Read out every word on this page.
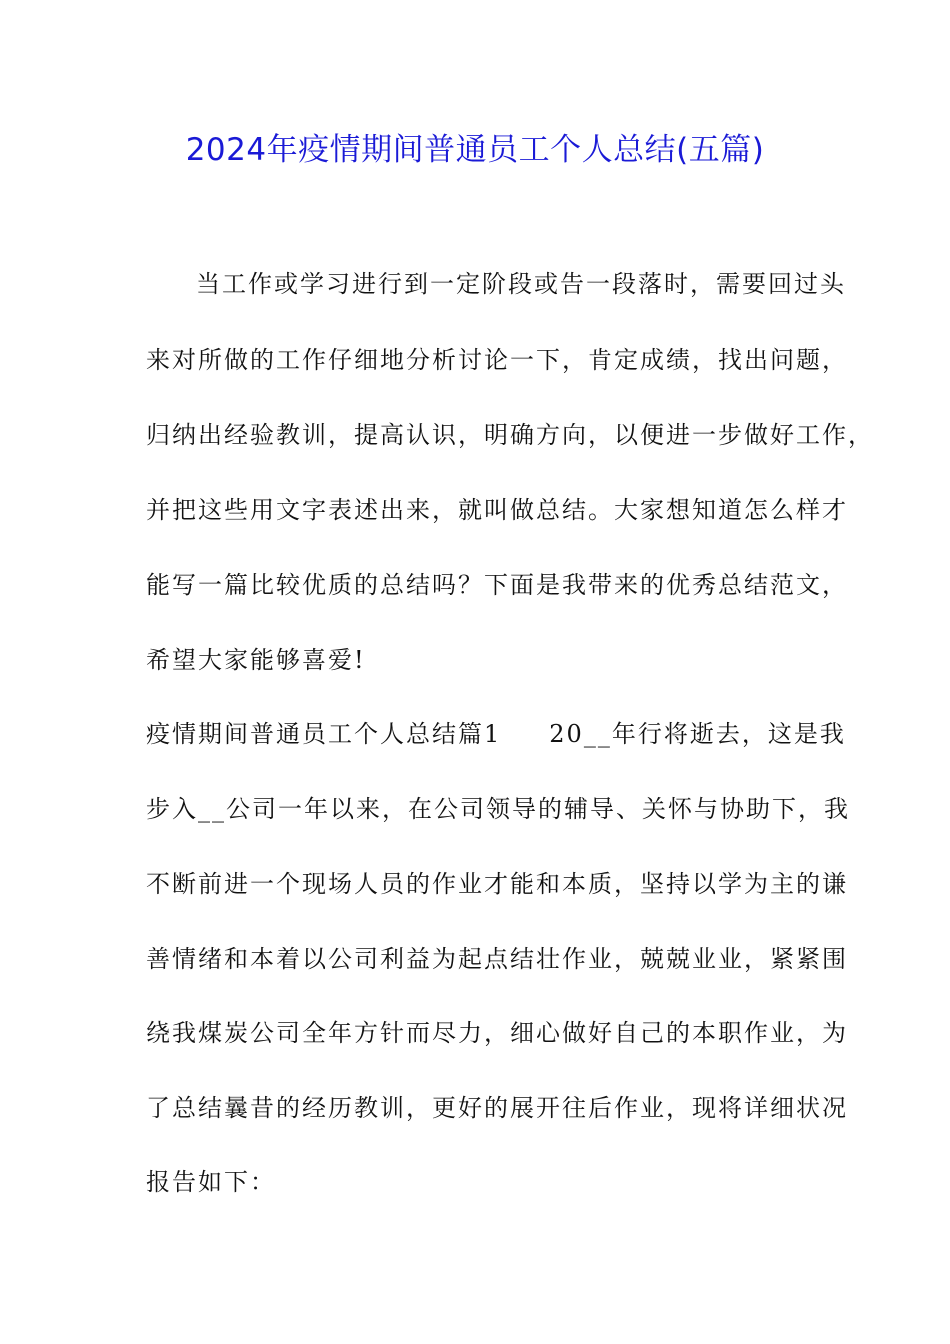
2024年疫情期间普通员工个人总结(五篇)
当工作或学习进行到一定阶段或告一段落时，需要回过头
来对所做的工作仔细地分析讨论一下，肯定成绩，找出问题，
归纳出经验教训，提高认识，明确方向，以便进一步做好工作，
并把这些用文字表述出来，就叫做总结。大家想知道怎么样才
能写一篇比较优质的总结吗？下面是我带来的优秀总结范文，
希望大家能够喜爱!
疫情期间普通员工个人总结篇1 20__年行将逝去，这是我
步入__公司一年以来，在公司领导的辅导、关怀与协助下，我
不断前进一个现场人员的作业才能和本质，坚持以学为主的谦
善情绪和本着以公司利益为起点结壮作业，兢兢业业，紧紧围
绕我煤炭公司全年方针而尽力，细心做好自己的本职作业，为
了总结曩昔的经历教训，更好的展开往后作业，现将详细状况
报告如下：
